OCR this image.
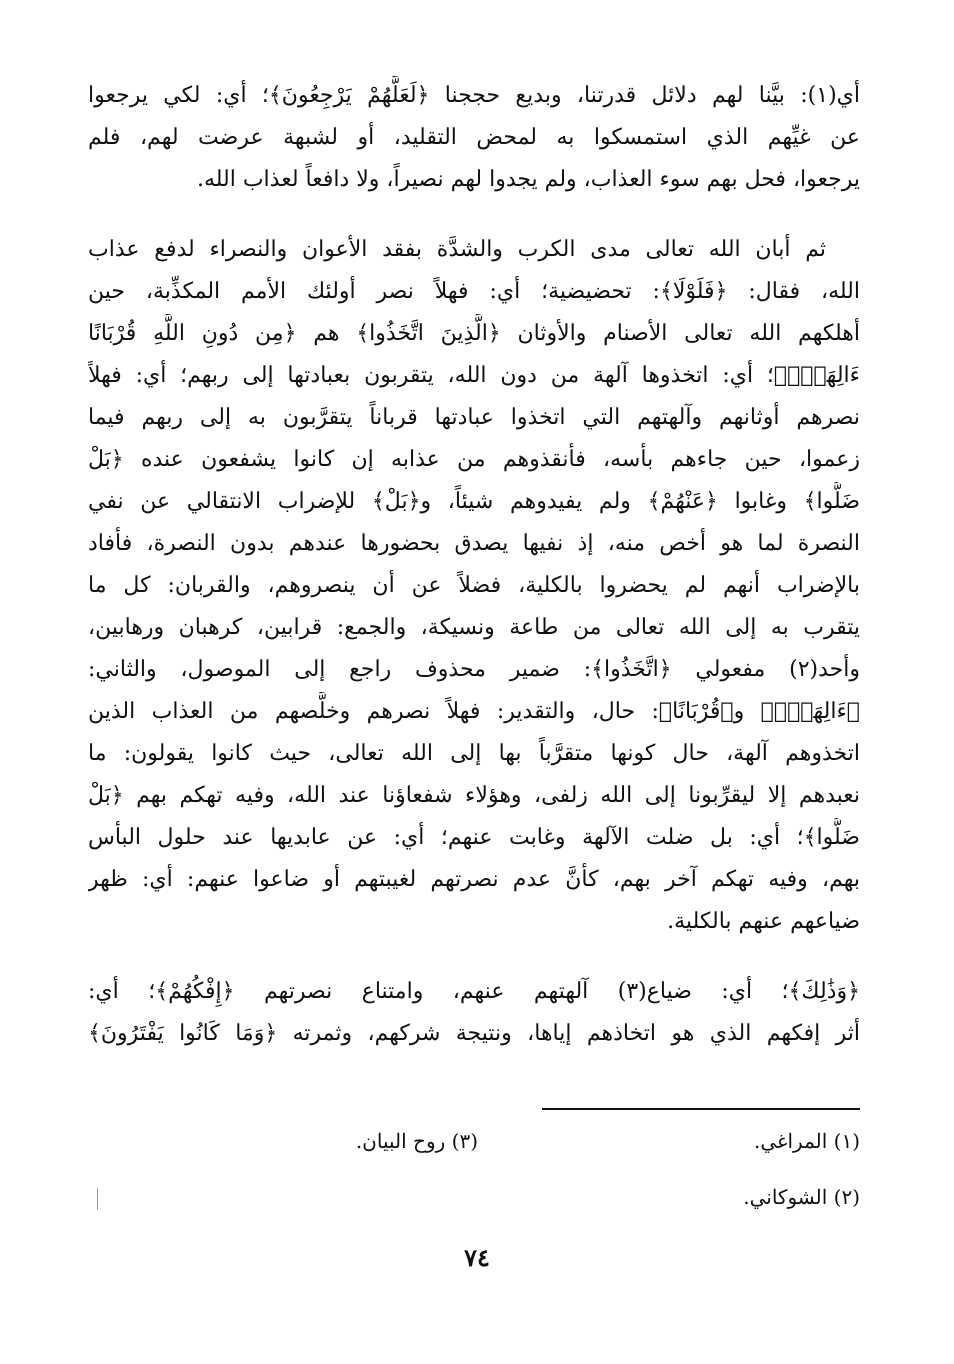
أي(١): بيَّنا لهم دلائل قدرتنا، وبديع حججنا ﴿لَعَلَّهُمْ يَرْجِعُونَ﴾؛ أي: لكي يرجعوا
عن غيِّهم الذي استمسكوا به لمحض التقليد، أو لشبهة عرضت لهم، فلم
يرجعوا، فحل بهم سوء العذاب، ولم يجدوا لهم نصيراً، ولا دافعاً لعذاب الله.
ثم أبان الله تعالى مدى الكرب والشدَّة بفقد الأعوان والنصراء لدفع عذاب
الله، فقال: ﴿فَلَوْلَا﴾: تحضيضية؛ أي: فهلاً نصر أولئك الأمم المكذِّبة، حين
أهلكهم الله تعالى الأصنام والأوثان ﴿الَّذِينَ اتَّخَذُوا﴾ هم ﴿مِن دُونِ اللَّهِ قُرْبَانًا
ءَالِهَةَۢ﴾؛ أي: اتخذوها آلهة من دون الله، يتقربون بعبادتها إلى ربهم؛ أي: فهلاً
نصرهم أوثانهم وآلهتهم التي اتخذوا عبادتها قرباناً يتقرَّبون به إلى ربهم فيما
زعموا، حين جاءهم بأسه، فأنقذوهم من عذابه إن كانوا يشفعون عنده ﴿بَلْ
ضَلُّوا﴾ وغابوا ﴿عَنْهُمْ﴾ ولم يفيدوهم شيئاً، و﴿بَلْ﴾ للإضراب الانتقالي عن نفي
النصرة لما هو أخص منه، إذ نفيها يصدق بحضورها عندهم بدون النصرة، فأفاد
بالإضراب أنهم لم يحضروا بالكلية، فضلاً عن أن ينصروهم، والقربان: كل ما
يتقرب به إلى الله تعالى من طاعة ونسيكة، والجمع: قرابين، كرهبان ورهابين،
وأحد(٢) مفعولي ﴿اتَّخَذُوا﴾: ضمير محذوف راجع إلى الموصول، والثاني:
﴿ءَالِهَةَۢ﴾ و﴿قُرْبَانًا﴾: حال، والتقدير: فهلاً نصرهم وخلَّصهم من العذاب الذين
اتخذوهم آلهة، حال كونها متقرَّباً بها إلى الله تعالى، حيث كانوا يقولون: ما
نعبدهم إلا ليقرِّبونا إلى الله زلفى، وهؤلاء شفعاؤنا عند الله، وفيه تهكم بهم ﴿بَلْ
ضَلُّوا﴾؛ أي: بل ضلت الآلهة وغابت عنهم؛ أي: عن عابديها عند حلول البأس
بهم، وفيه تهكم آخر بهم، كأنَّ عدم نصرتهم لغيبتهم أو ضاعوا عنهم: أي: ظهر
ضياعهم عنهم بالكلية.
﴿وَذَٰلِكَ﴾؛ أي: ضياع(٣) آلهتهم عنهم، وامتناع نصرتهم ﴿إِفْكُهُمْ﴾؛ أي:
أثر إفكهم الذي هو اتخاذهم إياها، ونتيجة شركهم، وثمرته ﴿وَمَا كَانُوا يَفْتَرُونَ﴾
(١) المراغي.
(٣) روح البيان.
(٢) الشوكاني.
٧٤
